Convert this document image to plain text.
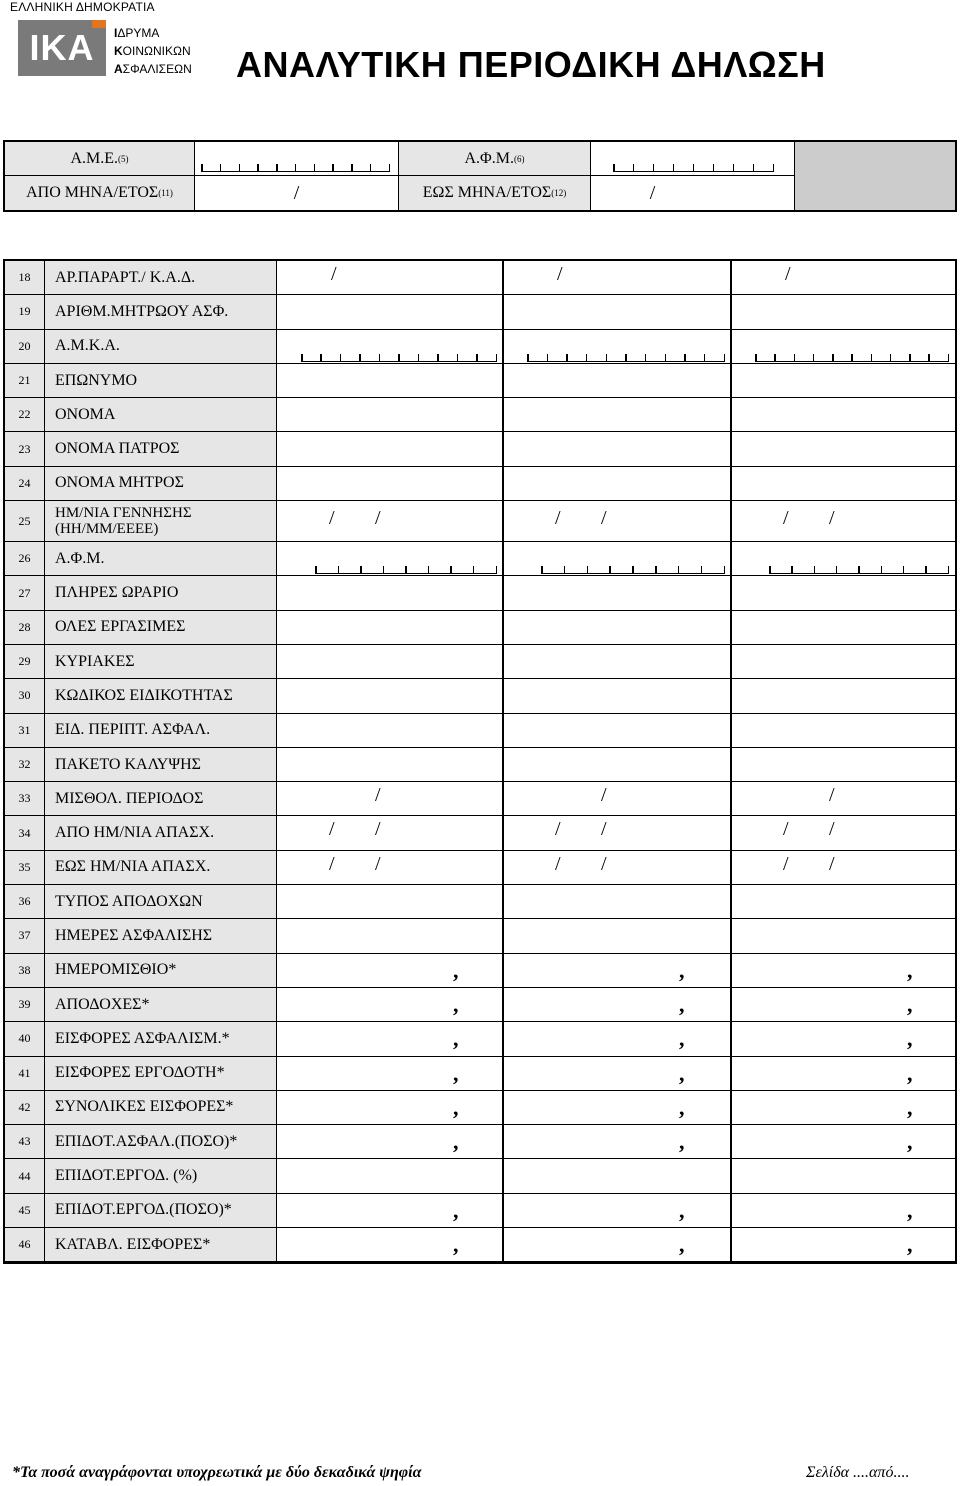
ΕΛΛΗΝΙΚΗ ΔΗΜΟΚΡΑΤΙΑ
IKA	ΙΔΡΥΜΑ
ΚΟΙΝΩΝΙΚΩΝ
ΑΣΦΑΛΙΣΕΩΝ ΑΝΑΛΥΤΙΚΗ ΠΕΡΙΟΔΙΚΗ ΔΗΛΩΣΗ
Α.Μ.Ε. (5)	Α.Φ.Μ. (6)
ΑΠΟ ΜΗΝΑ/ΕΤΟΣ (11)	/	ΕΩΣ ΜΗΝΑ/ΕΤΟΣ (12)	/
18	ΑΡ.ΠΑΡΑΡΤ./ Κ.Α.Δ.	/	/	/
19	ΑΡΙΘΜ.ΜΗΤΡΩΟΥ ΑΣΦ.
20	Α.Μ.Κ.Α.
21	ΕΠΩΝΥΜΟ
22	ΟΝΟΜΑ
23	ΟΝΟΜΑ ΠΑΤΡΟΣ
24	ΟΝΟΜΑ ΜΗΤΡΟΣ
25	ΗΜ/ΝΙΑ ΓΕΝΝΗΣΗΣ
(ΗΗ/ΜΜ/ΕΕΕΕ)	/ /	/ /	/ /
26	Α.Φ.Μ.
27	ΠΛΗΡΕΣ ΩΡΑΡΙΟ
28	ΟΛΕΣ ΕΡΓΑΣΙΜΕΣ
29	ΚΥΡΙΑΚΕΣ
30	ΚΩΔΙΚΟΣ ΕΙΔΙΚΟΤΗΤΑΣ
31	ΕΙΔ. ΠΕΡΙΠΤ. ΑΣΦΑΛ.
32	ΠΑΚΕΤΟ ΚΑΛΥΨΗΣ
33	ΜΙΣΘΟΛ. ΠΕΡΙΟΔΟΣ	/	/	/
34	ΑΠΟ ΗΜ/ΝΙΑ ΑΠΑΣΧ.	/ /	/ /	/ /
35	ΕΩΣ ΗΜ/ΝΙΑ ΑΠΑΣΧ.	/ /	/ /	/ /
36	ΤΥΠΟΣ ΑΠΟΔΟΧΩΝ
37	ΗΜΕΡΕΣ ΑΣΦΑΛΙΣΗΣ
38	ΗΜΕΡΟΜΙΣΘΙΟ*	,	,	,
39	ΑΠΟΔΟΧΕΣ*	,	,	,
40	ΕΙΣΦΟΡΕΣ ΑΣΦΑΛΙΣΜ.*	,	,	,
41	ΕΙΣΦΟΡΕΣ ΕΡΓΟΔΟΤΗ*	,	,	,
42	ΣΥΝΟΛΙΚΕΣ ΕΙΣΦΟΡΕΣ*	,	,	,
43	ΕΠΙΔΟΤ.ΑΣΦΑΛ.(ΠΟΣΟ)*	,	,	,
44	ΕΠΙΔΟΤ.ΕΡΓΟΔ. (%)
45	ΕΠΙΔΟΤ.ΕΡΓΟΔ.(ΠΟΣΟ)*	,	,	,
46	ΚΑΤΑΒΛ. ΕΙΣΦΟΡΕΣ*	,	,	,
*Τα ποσά αναγράφονται υποχρεωτικά με δύο δεκαδικά ψηφία	Σελίδα ....από....
